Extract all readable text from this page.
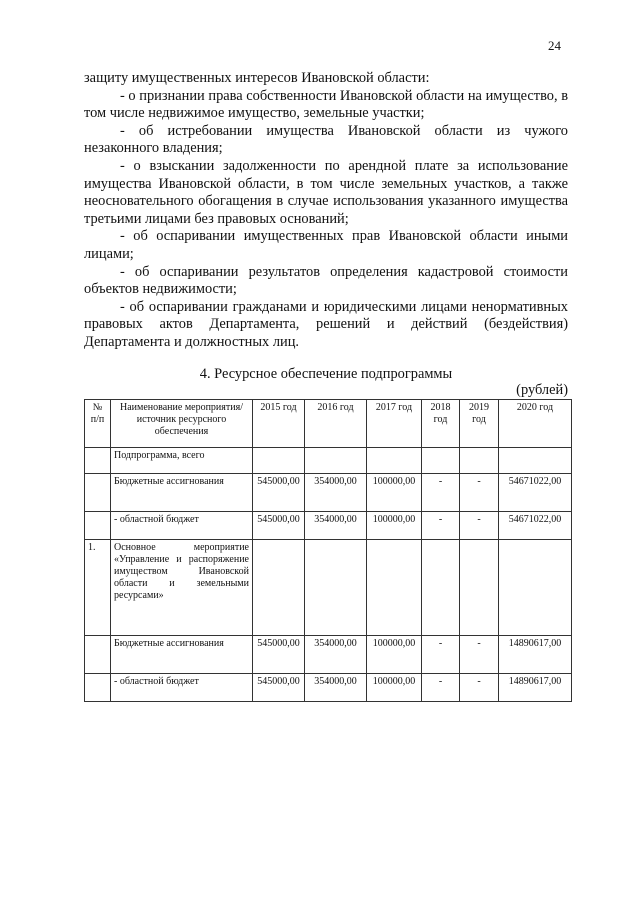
24

защиту имущественных интересов Ивановской области:

- о признании права собственности Ивановской области на имущество, в том числе недвижимое имущество, земельные участки;

- об истребовании имущества Ивановской области из чужого незаконного владения;

- о взыскании задолженности по арендной плате за использование имущества Ивановской области, в том числе земельных участков, а также неосновательного обогащения в случае использования указанного имущества третьими лицами без правовых оснований;

- об оспаривании имущественных прав Ивановской области иными лицами;

- об оспаривании результатов определения кадастровой стоимости объектов недвижимости;

- об оспаривании гражданами и юридическими лицами ненормативных правовых актов Департамента, решений и действий (бездействия) Департамента и должностных лиц.

4. Ресурсное обеспечение подпрограммы
(рублей)
№ п/п	Наименование мероприятия/источник ресурсного обеспечения	2015 год	2016 год	2017 год	2018 год	2019 год	2020 год
	Подпрограмма, всего						
	Бюджетные ассигнования	545000,00	354000,00	100000,00	-	-	54671022,00
	- областной бюджет	545000,00	354000,00	100000,00	-	-	54671022,00
1.	Основное мероприятие «Управление и распоряжение имуществом Ивановской области и земельными ресурсами»						
	Бюджетные ассигнования	545000,00	354000,00	100000,00	-	-	14890617,00
	- областной бюджет	545000,00	354000,00	100000,00	-	-	14890617,00
